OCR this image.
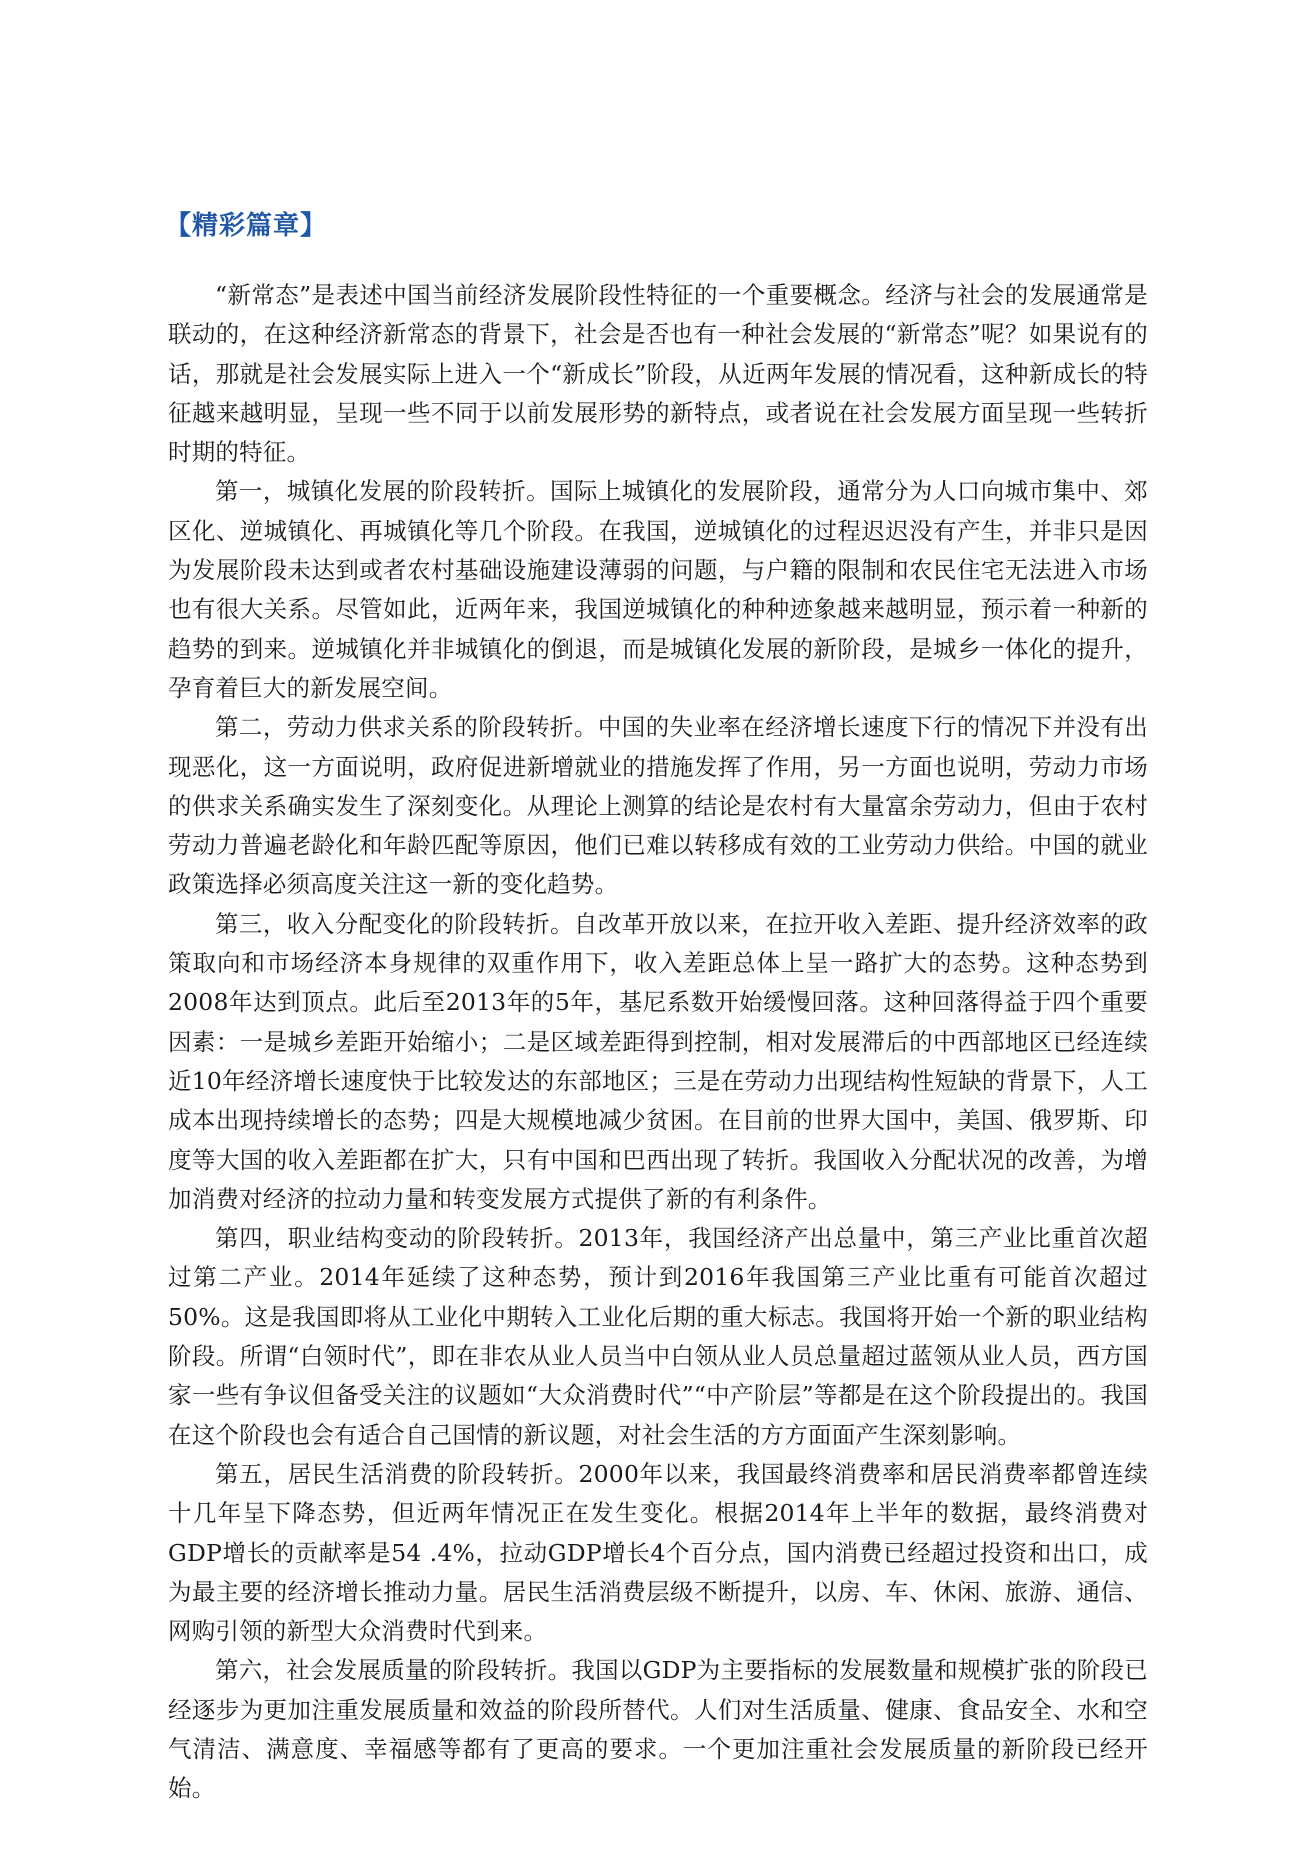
【精彩篇章】

“新常态”是表述中国当前经济发展阶段性特征的一个重要概念。经济与社会的发展通常是联动的，在这种经济新常态的背景下，社会是否也有一种社会发展的“新常态”呢？如果说有的话，那就是社会发展实际上进入一个“新成长”阶段，从近两年发展的情况看，这种新成长的特征越来越明显，呈现一些不同于以前发展形势的新特点，或者说在社会发展方面呈现一些转折时期的特征。

第一，城镇化发展的阶段转折。国际上城镇化的发展阶段，通常分为人口向城市集中、郊区化、逆城镇化、再城镇化等几个阶段。在我国，逆城镇化的过程迟迟没有产生，并非只是因为发展阶段未达到或者农村基础设施建设薄弱的问题，与户籍的限制和农民住宅无法进入市场也有很大关系。尽管如此，近两年来，我国逆城镇化的种种迹象越来越明显，预示着一种新的趋势的到来。逆城镇化并非城镇化的倒退，而是城镇化发展的新阶段，是城乡一体化的提升，孕育着巨大的新发展空间。

第二，劳动力供求关系的阶段转折。中国的失业率在经济增长速度下行的情况下并没有出现恶化，这一方面说明，政府促进新增就业的措施发挥了作用，另一方面也说明，劳动力市场的供求关系确实发生了深刻变化。从理论上测算的结论是农村有大量富余劳动力，但由于农村劳动力普遍老龄化和年龄匹配等原因，他们已难以转移成有效的工业劳动力供给。中国的就业政策选择必须高度关注这一新的变化趋势。

第三，收入分配变化的阶段转折。自改革开放以来，在拉开收入差距、提升经济效率的政策取向和市场经济本身规律的双重作用下，收入差距总体上呈一路扩大的态势。这种态势到2008年达到顶点。此后至2013年的5年，基尼系数开始缓慢回落。这种回落得益于四个重要因素：一是城乡差距开始缩小；二是区域差距得到控制，相对发展滞后的中西部地区已经连续近10年经济增长速度快于比较发达的东部地区；三是在劳动力出现结构性短缺的背景下，人工成本出现持续增长的态势；四是大规模地减少贫困。在目前的世界大国中，美国、俄罗斯、印度等大国的收入差距都在扩大，只有中国和巴西出现了转折。我国收入分配状况的改善，为增加消费对经济的拉动力量和转变发展方式提供了新的有利条件。

第四，职业结构变动的阶段转折。2013年，我国经济产出总量中，第三产业比重首次超过第二产业。2014年延续了这种态势，预计到2016年我国第三产业比重有可能首次超过50%。这是我国即将从工业化中期转入工业化后期的重大标志。我国将开始一个新的职业结构阶段。所谓“白领时代”，即在非农从业人员当中白领从业人员总量超过蓝领从业人员，西方国家一些有争议但备受关注的议题如“大众消费时代”“中产阶层”等都是在这个阶段提出的。我国在这个阶段也会有适合自己国情的新议题，对社会生活的方方面面产生深刻影响。

第五，居民生活消费的阶段转折。2000年以来，我国最终消费率和居民消费率都曾连续十几年呈下降态势，但近两年情况正在发生变化。根据2014年上半年的数据，最终消费对GDP增长的贡献率是54 .4%，拉动GDP增长4个百分点，国内消费已经超过投资和出口，成为最主要的经济增长推动力量。居民生活消费层级不断提升，以房、车、休闲、旅游、通信、网购引领的新型大众消费时代到来。

第六，社会发展质量的阶段转折。我国以GDP为主要指标的发展数量和规模扩张的阶段已经逐步为更加注重发展质量和效益的阶段所替代。人们对生活质量、健康、食品安全、水和空气清洁、满意度、幸福感等都有了更高的要求。一个更加注重社会发展质量的新阶段已经开始。
